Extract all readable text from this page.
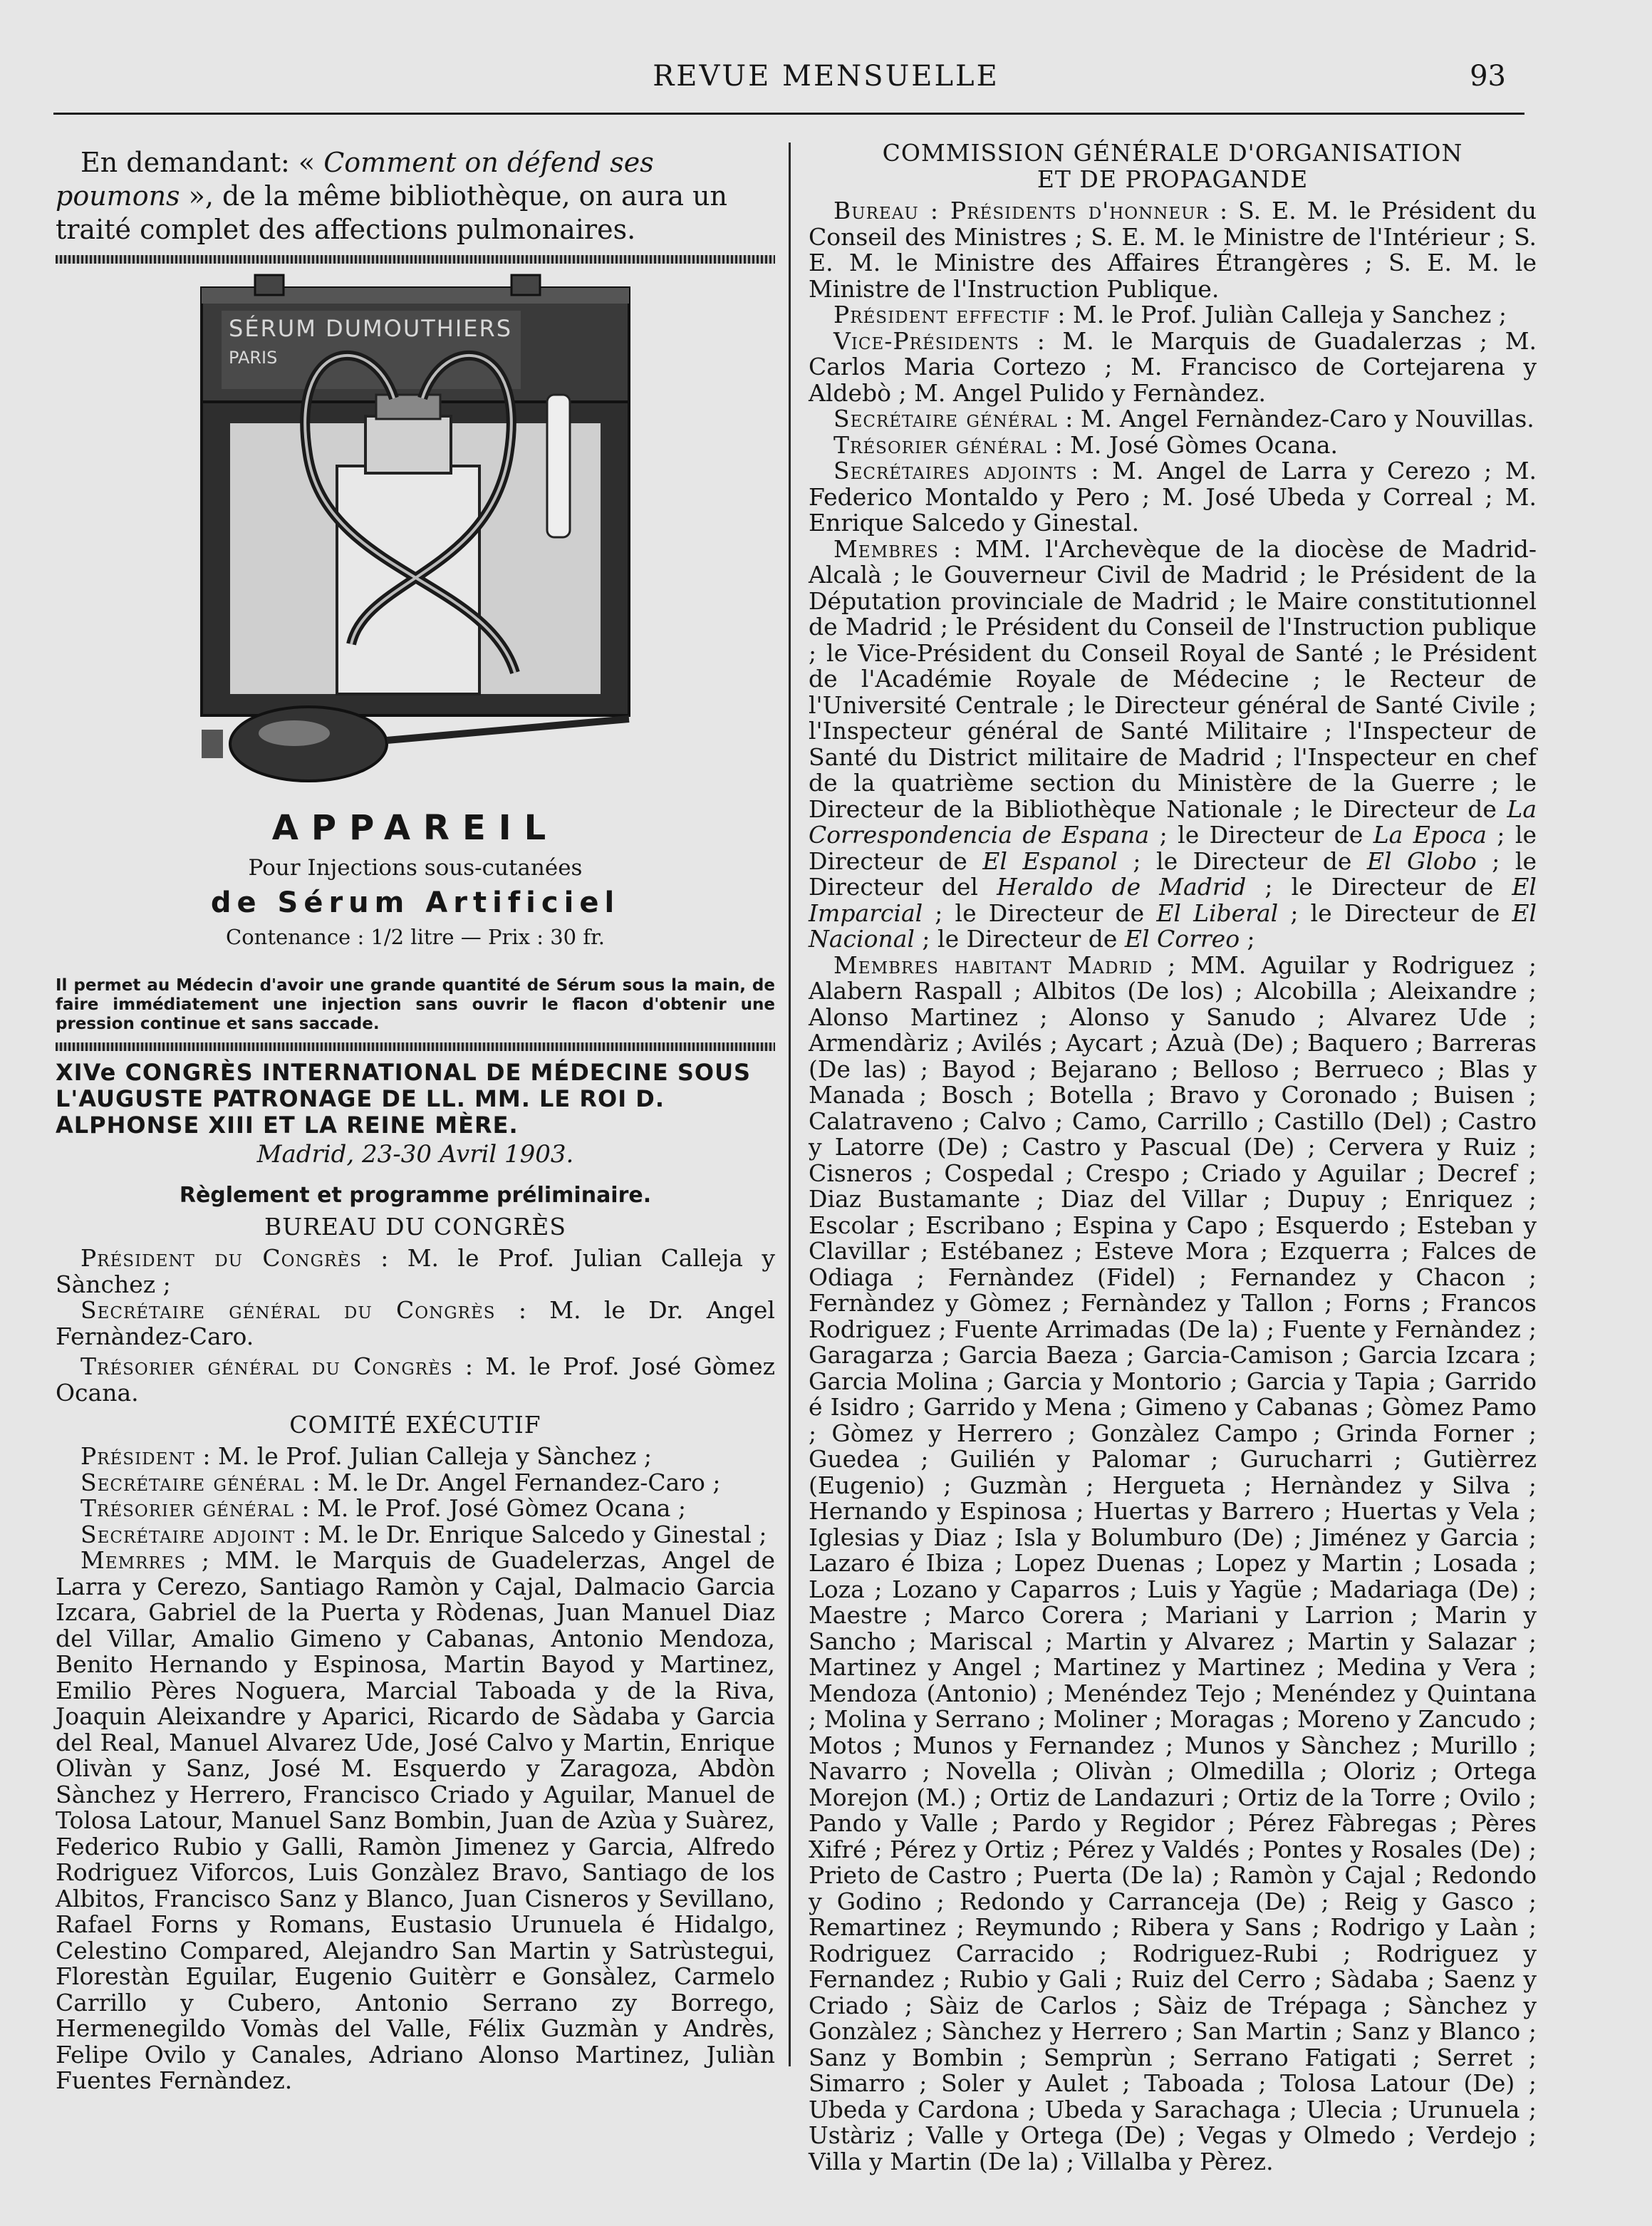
REVUE MENSUELLE	93

En demandant: « Comment on défend ses poumons », de la même bibliothèque, on aura un traité complet des affections pulmonaires.

SÉRUM DUMOUTHIERS
PARIS
APPAREIL
Pour Injections sous-cutanées
de Sérum Artificiel
Contenance : 1/2 litre — Prix : 30 fr.
Il permet au Médecin d'avoir une grande quantité de Sérum sous la main, de faire immédiatement une injection sans ouvrir le flacon d'obtenir une pression continue et sans saccade.
XIVe CONGRÈS INTERNATIONAL DE MÉDECINE SOUS L'AUGUSTE PATRONAGE DE LL. MM. LE ROI D. ALPHONSE XIII ET LA REINE MÈRE.
Madrid, 23-30 Avril 1903.
Règlement et programme préliminaire.
BUREAU DU CONGRÈS

Président du Congrès : M. le Prof. Julian Calleja y Sànchez ;

Secrétaire général du Congrès : M. le Dr. Angel Fernàndez-Caro.

Trésorier général du Congrès : M. le Prof. José Gòmez Ocana.

COMITÉ EXÉCUTIF

Président : M. le Prof. Julian Calleja y Sànchez ;

Secrétaire général : M. le Dr. Angel Fernandez-Caro ;

Trésorier général : M. le Prof. José Gòmez Ocana ;

Secrétaire adjoint : M. le Dr. Enrique Salcedo y Ginestal ;

Memrres ; MM. le Marquis de Guadelerzas, Angel de Larra y Cerezo, Santiago Ramòn y Cajal, Dalmacio Garcia Izcara, Gabriel de la Puerta y Ròdenas, Juan Manuel Diaz del Villar, Amalio Gimeno y Cabanas, Antonio Mendoza, Benito Hernando y Espinosa, Martin Bayod y Martinez, Emilio Pères Noguera, Marcial Taboada y de la Riva, Joaquin Aleixandre y Aparici, Ricardo de Sàdaba y Garcia del Real, Manuel Alvarez Ude, José Calvo y Martin, Enrique Olivàn y Sanz, José M. Esquerdo y Zaragoza, Abdòn Sànchez y Herrero, Francisco Criado y Aguilar, Manuel de Tolosa Latour, Manuel Sanz Bombin, Juan de Azùa y Suàrez, Federico Rubio y Galli, Ramòn Jimenez y Garcia, Alfredo Rodriguez Viforcos, Luis Gonzàlez Bravo, Santiago de los Albitos, Francisco Sanz y Blanco, Juan Cisneros y Sevillano, Rafael Forns y Romans, Eustasio Urunuela é Hidalgo, Celestino Compared, Alejandro San Martin y Satrùstegui, Florestàn Eguilar, Eugenio Guitèrr e Gonsàlez, Carmelo Carrillo y Cubero, Antonio Serrano zy Borrego, Hermenegildo Vomàs del Valle, Félix Guzmàn y Andrès, Felipe Ovilo y Canales, Adriano Alonso Martinez, Juliàn Fuentes Fernàndez.

COMMISSION GÉNÉRALE D'ORGANISATION
ET DE PROPAGANDE

Bureau : Présidents d'honneur : S. E. M. le Président du Conseil des Ministres ; S. E. M. le Ministre de l'Intérieur ; S. E. M. le Ministre des Affaires Étrangères ; S. E. M. le Ministre de l'Instruction Publique.

Président effectif : M. le Prof. Juliàn Calleja y Sanchez ;

Vice-Présidents : M. le Marquis de Guadalerzas ; M. Carlos Maria Cortezo ; M. Francisco de Cortejarena y Aldebò ; M. Angel Pulido y Fernàndez.

Secrétaire général : M. Angel Fernàndez-Caro y Nouvillas.

Trésorier général : M. José Gòmes Ocana.

Secrétaires adjoints : M. Angel de Larra y Cerezo ; M. Federico Montaldo y Pero ; M. José Ubeda y Correal ; M. Enrique Salcedo y Ginestal.

Membres : MM. l'Archevèque de la diocèse de Madrid-Alcalà ; le Gouverneur Civil de Madrid ; le Président de la Députation provinciale de Madrid ; le Maire constitutionnel de Madrid ; le Président du Conseil de l'Instruction publique ; le Vice-Président du Conseil Royal de Santé ; le Président de l'Académie Royale de Médecine ; le Recteur de l'Université Centrale ; le Directeur général de Santé Civile ; l'Inspecteur général de Santé Militaire ; l'Inspecteur de Santé du District militaire de Madrid ; l'Inspecteur en chef de la quatrième section du Ministère de la Guerre ; le Directeur de la Bibliothèque Nationale ; le Directeur de La Correspondencia de Espana ; le Directeur de La Epoca ; le Directeur de El Espanol ; le Directeur de El Globo ; le Directeur del Heraldo de Madrid ; le Directeur de El Imparcial ; le Directeur de El Liberal ; le Directeur de El Nacional ; le Directeur de El Correo ;

Membres habitant Madrid ; MM. Aguilar y Rodriguez ; Alabern Raspall ; Albitos (De los) ; Alcobilla ; Aleixandre ; Alonso Martinez ; Alonso y Sanudo ; Alvarez Ude ; Armendàriz ; Avilés ; Aycart ; Azuà (De) ; Baquero ; Barreras (De las) ; Bayod ; Bejarano ; Belloso ; Berrueco ; Blas y Manada ; Bosch ; Botella ; Bravo y Coronado ; Buisen ; Calatraveno ; Calvo ; Camo, Carrillo ; Castillo (Del) ; Castro y Latorre (De) ; Castro y Pascual (De) ; Cervera y Ruiz ; Cisneros ; Cospedal ; Crespo ; Criado y Aguilar ; Decref ; Diaz Bustamante ; Diaz del Villar ; Dupuy ; Enriquez ; Escolar ; Escribano ; Espina y Capo ; Esquerdo ; Esteban y Clavillar ; Estébanez ; Esteve Mora ; Ezquerra ; Falces de Odiaga ; Fernàndez (Fidel) ; Fernandez y Chacon ; Fernàndez y Gòmez ; Fernàndez y Tallon ; Forns ; Francos Rodriguez ; Fuente Arrimadas (De la) ; Fuente y Fernàndez ; Garagarza ; Garcia Baeza ; Garcia-Camison ; Garcia Izcara ; Garcia Molina ; Garcia y Montorio ; Garcia y Tapia ; Garrido é Isidro ; Garrido y Mena ; Gimeno y Cabanas ; Gòmez Pamo ; Gòmez y Herrero ; Gonzàlez Campo ; Grinda Forner ; Guedea ; Guilién y Palomar ; Gurucharri ; Gutièrrez (Eugenio) ; Guzmàn ; Hergueta ; Hernàndez y Silva ; Hernando y Espinosa ; Huertas y Barrero ; Huertas y Vela ; Iglesias y Diaz ; Isla y Bolumburo (De) ; Jiménez y Garcia ; Lazaro é Ibiza ; Lopez Duenas ; Lopez y Martin ; Losada ; Loza ; Lozano y Caparros ; Luis y Yagüe ; Madariaga (De) ; Maestre ; Marco Corera ; Mariani y Larrion ; Marin y Sancho ; Mariscal ; Martin y Alvarez ; Martin y Salazar ; Martinez y Angel ; Martinez y Martinez ; Medina y Vera ; Mendoza (Antonio) ; Menéndez Tejo ; Menéndez y Quintana ; Molina y Serrano ; Moliner ; Moragas ; Moreno y Zancudo ; Motos ; Munos y Fernandez ; Munos y Sànchez ; Murillo ; Navarro ; Novella ; Olivàn ; Olmedilla ; Oloriz ; Ortega Morejon (M.) ; Ortiz de Landazuri ; Ortiz de la Torre ; Ovilo ; Pando y Valle ; Pardo y Regidor ; Pérez Fàbregas ; Pères Xifré ; Pérez y Ortiz ; Pérez y Valdés ; Pontes y Rosales (De) ; Prieto de Castro ; Puerta (De la) ; Ramòn y Cajal ; Redondo y Godino ; Redondo y Carranceja (De) ; Reig y Gasco ; Remartinez ; Reymundo ; Ribera y Sans ; Rodrigo y Laàn ; Rodriguez Carracido ; Rodriguez-Rubi ; Rodriguez y Fernandez ; Rubio y Gali ; Ruiz del Cerro ; Sàdaba ; Saenz y Criado ; Sàiz de Carlos ; Sàiz de Trépaga ; Sànchez y Gonzàlez ; Sànchez y Herrero ; San Martin ; Sanz y Blanco ; Sanz y Bombin ; Semprùn ; Serrano Fatigati ; Serret ; Simarro ; Soler y Aulet ; Taboada ; Tolosa Latour (De) ; Ubeda y Cardona ; Ubeda y Sarachaga ; Ulecia ; Urunuela ; Ustàriz ; Valle y Ortega (De) ; Vegas y Olmedo ; Verdejo ; Villa y Martin (De la) ; Villalba y Pèrez.
